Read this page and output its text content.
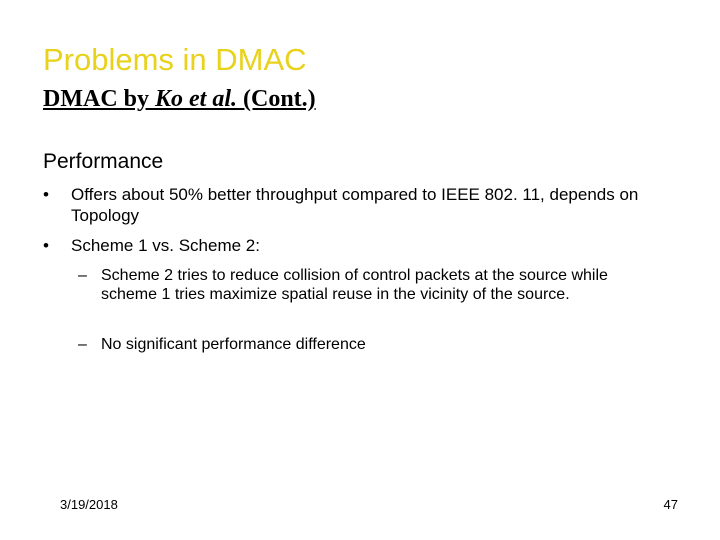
Problems in DMAC
DMAC by Ko et al. (Cont.)
Performance
• Offers about 50% better throughput compared to IEEE 802. 11, depends on Topology
• Scheme 1 vs. Scheme 2:
– Scheme 2 tries to reduce collision of control packets at the source while scheme 1 tries maximize spatial reuse in the vicinity of the source.
– No significant performance difference
3/19/2018	47
